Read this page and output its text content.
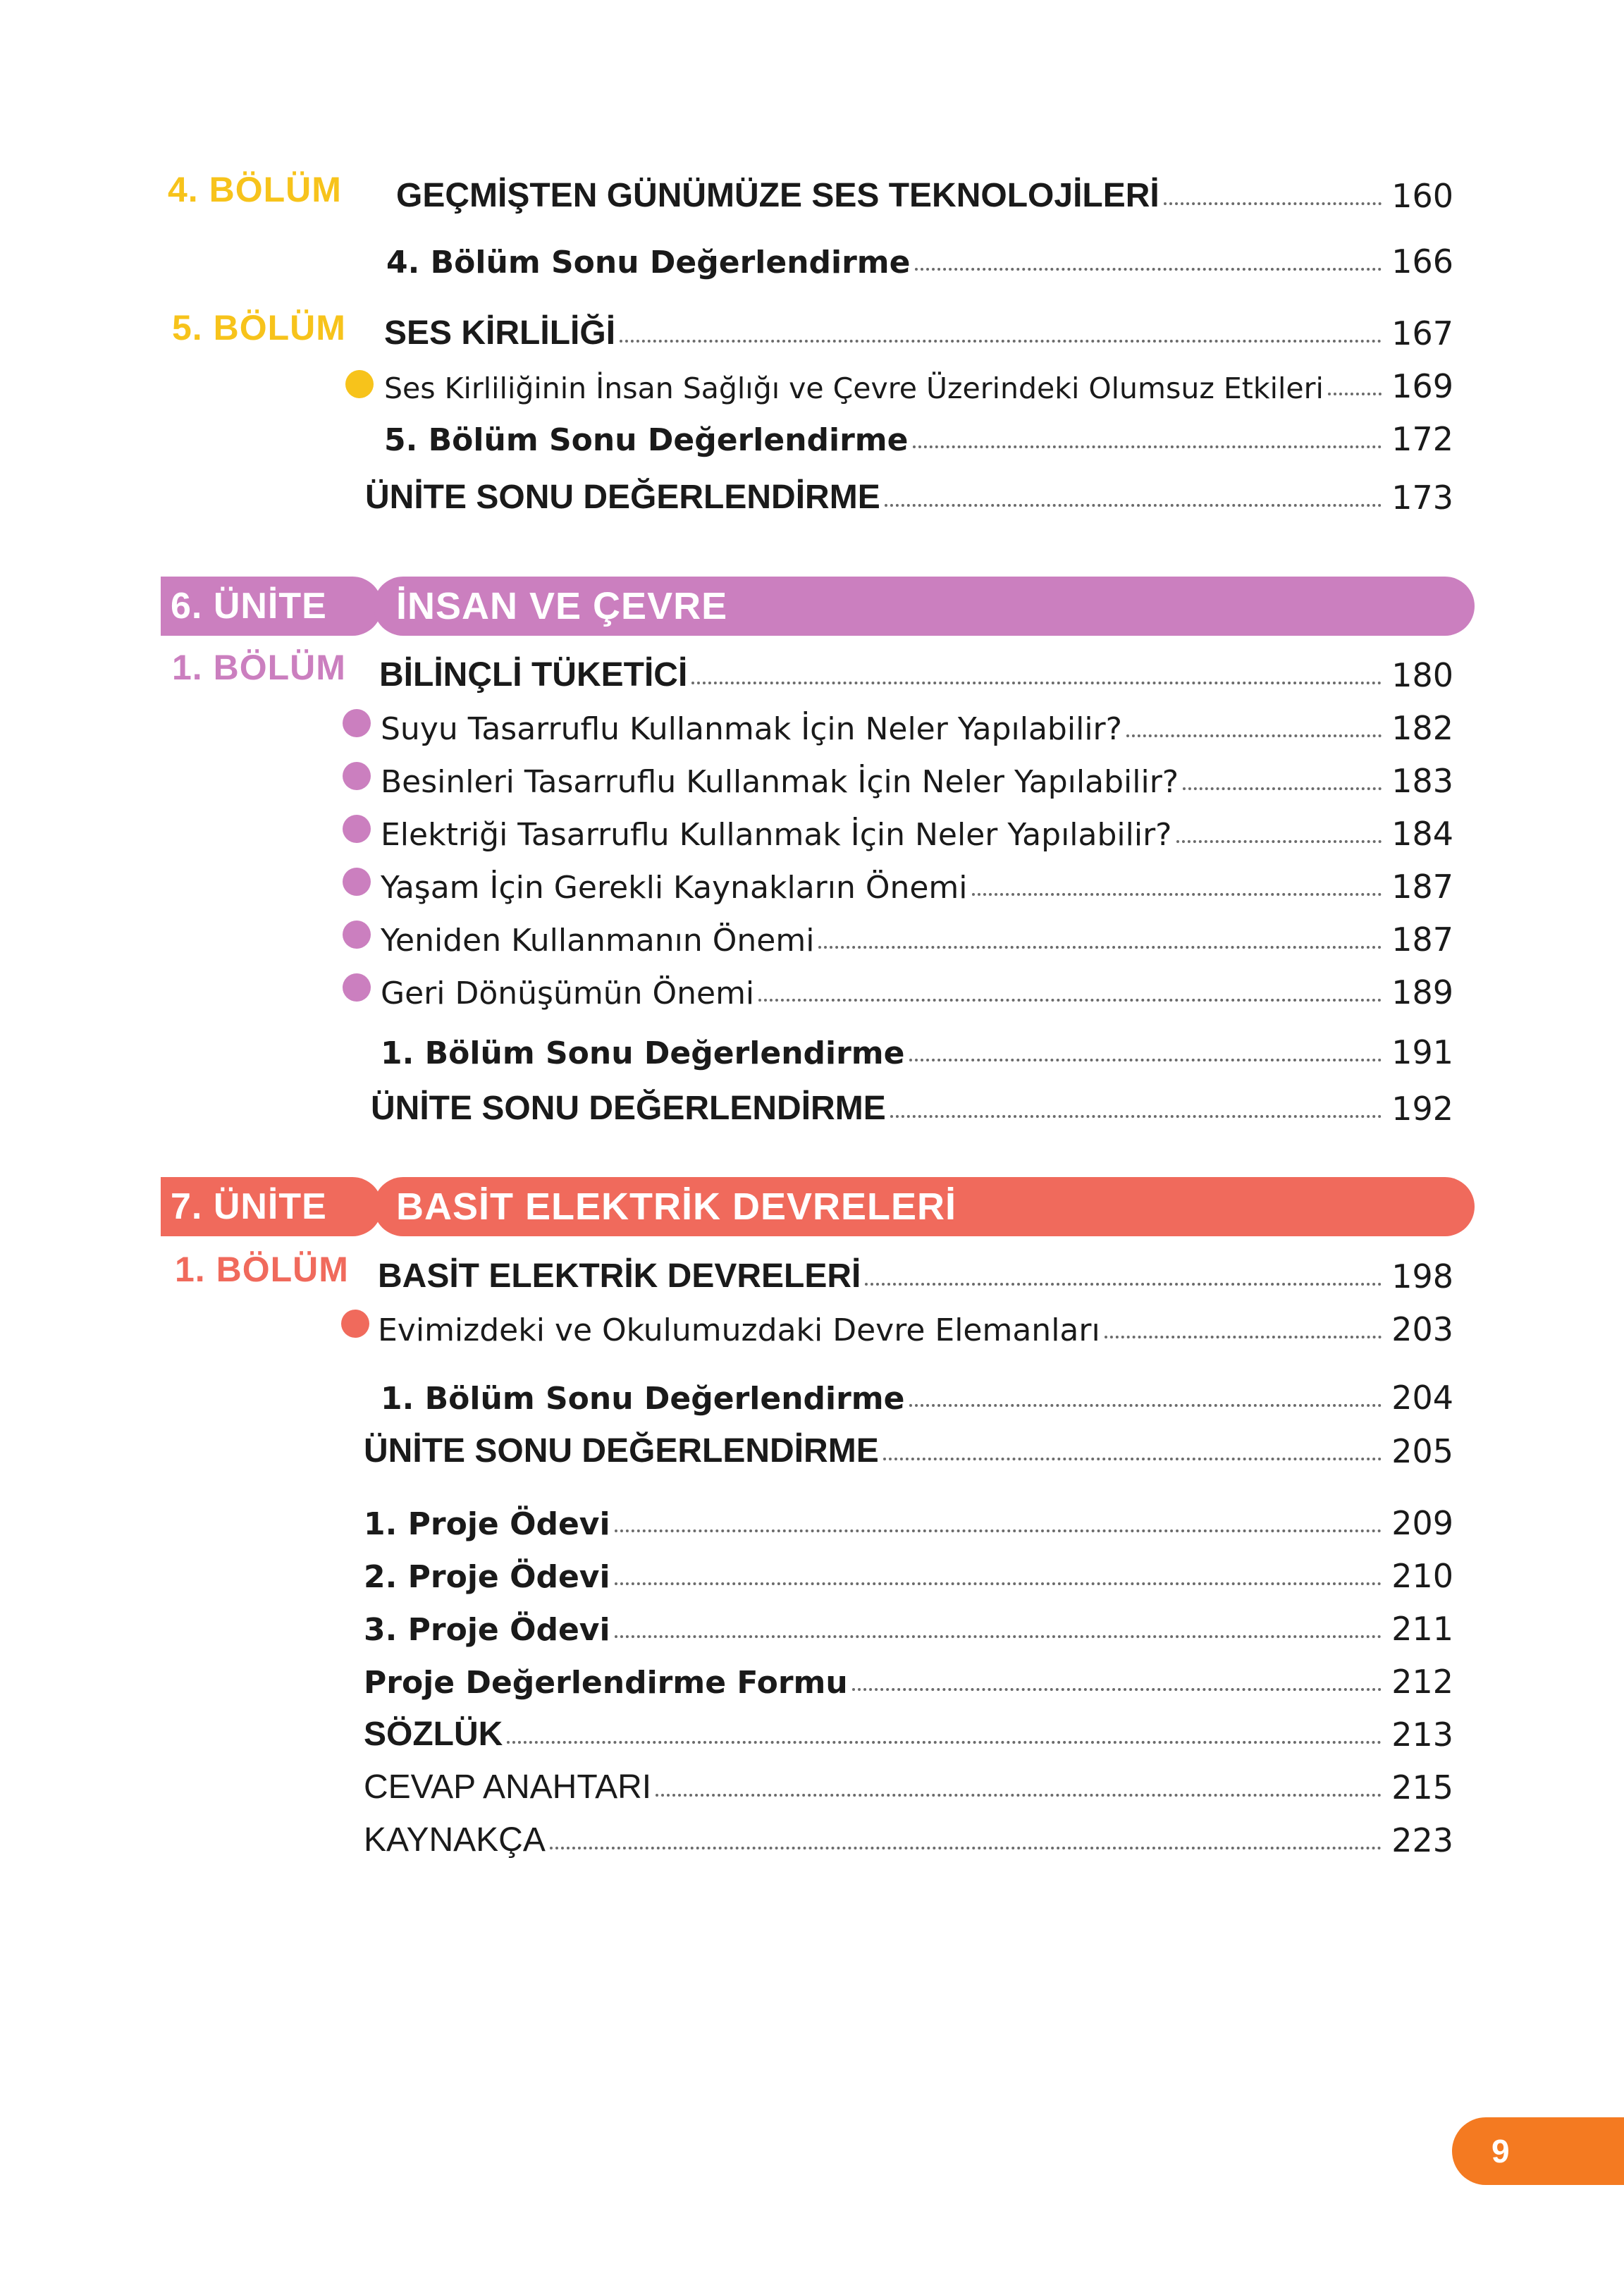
4. BÖLÜM GEÇMİŞTEN GÜNÜMÜZE SES TEKNOLOJİLERİ	160
4. Bölüm Sonu Değerlendirme	166
5. BÖLÜM SES KİRLİLİĞİ	167
Ses Kirliliğinin İnsan Sağlığı ve Çevre Üzerindeki Olumsuz Etkileri 169
5. Bölüm Sonu Değerlendirme	172
ÜNİTE SONU DEĞERLENDİRME	173
6. ÜNİTE	İNSAN VE ÇEVRE
1. BÖLÜM BİLİNÇLİ TÜKETİCİ	180
Suyu Tasarruflu Kullanmak İçin Neler Yapılabilir?	182
Besinleri Tasarruflu Kullanmak İçin Neler Yapılabilir?	183
Elektriği Tasarruflu Kullanmak İçin Neler Yapılabilir?	184
Yaşam İçin Gerekli Kaynakların Önemi	187
Yeniden Kullanmanın Önemi	187
Geri Dönüşümün Önemi	189
1. Bölüm Sonu Değerlendirme	191
ÜNİTE SONU DEĞERLENDİRME	192
7. ÜNİTE	BASİT ELEKTRİK DEVRELERİ
1. BÖLÜM BASİT ELEKTRİK DEVRELERİ	198
Evimizdeki ve Okulumuzdaki Devre Elemanları	203
1. Bölüm Sonu Değerlendirme	204
ÜNİTE SONU DEĞERLENDİRME	205
1. Proje Ödevi	209
2. Proje Ödevi	210
3. Proje Ödevi	211
Proje Değerlendirme Formu	212
SÖZLÜK	213
CEVAP ANAHTARI	215
KAYNAKÇA	223
9
